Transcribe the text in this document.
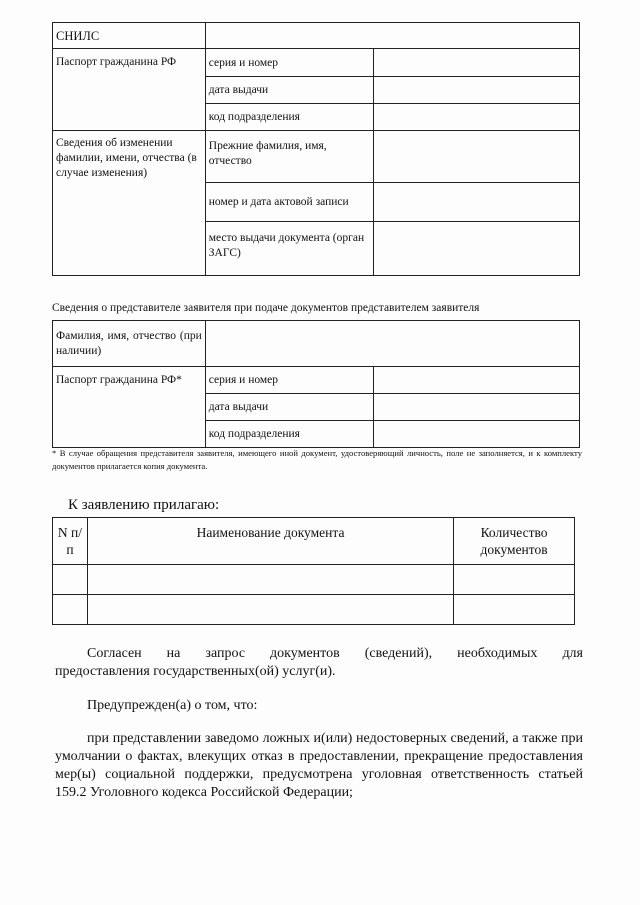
СНИЛС		
Паспорт гражданина РФ	серия и номер	
	дата выдачи	
	код подразделения	
Сведения об изменении фамилии, имени, отчества (в случае изменения)	Прежние фамилия, имя, отчество	
	номер и дата актовой записи	
	место выдачи документа (орган ЗАГС)	
Сведения о представителе заявителя при подаче документов представителем заявителя
Фамилия, имя, отчество (при наличии)		
Паспорт гражданина РФ*	серия и номер	
	дата выдачи	
	код подразделения	
* В случае обращения представителя заявителя, имеющего иной документ, удостоверяющий личность, поле не заполняется, и к комплекту документов прилагается копия документа.
К заявлению прилагаю:
N п/п	Наименование документа	Количество документов

Согласен на запрос документов (сведений), необходимых для
предоставления государственных(ой) услуг(и).
Предупрежден(а) о том, что:
при представлении заведомо ложных и(или) недостоверных сведений, а также при умолчании о фактах, влекущих отказ в предоставлении, прекращение предоставления мер(ы) социальной поддержки, предусмотрена уголовная ответственность статьей 159.2 Уголовного кодекса Российской Федерации;
